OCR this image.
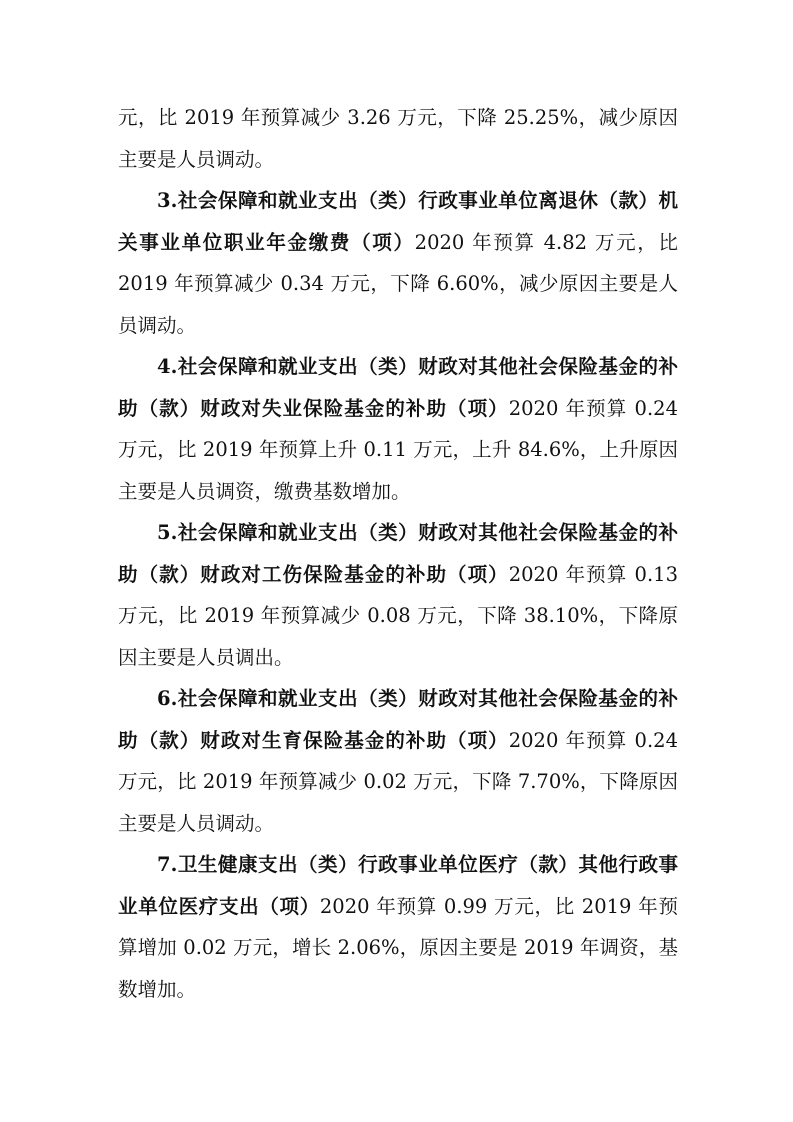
元，比 2019 年预算减少 3.26 万元，下降 25.25%，减少原因主要是人员调动。

3.社会保障和就业支出（类）行政事业单位离退休（款）机关事业单位职业年金缴费（项）2020 年预算 4.82 万元，比 2019 年预算减少 0.34 万元，下降 6.60%，减少原因主要是人员调动。

4.社会保障和就业支出（类）财政对其他社会保险基金的补助（款）财政对失业保险基金的补助（项）2020 年预算 0.24 万元，比 2019 年预算上升 0.11 万元，上升 84.6%，上升原因主要是人员调资，缴费基数增加。

5.社会保障和就业支出（类）财政对其他社会保险基金的补助（款）财政对工伤保险基金的补助（项）2020 年预算 0.13 万元，比 2019 年预算减少 0.08 万元，下降 38.10%，下降原因主要是人员调出。

6.社会保障和就业支出（类）财政对其他社会保险基金的补助（款）财政对生育保险基金的补助（项）2020 年预算 0.24 万元，比 2019 年预算减少 0.02 万元，下降 7.70%，下降原因主要是人员调动。

7.卫生健康支出（类）行政事业单位医疗（款）其他行政事业单位医疗支出（项）2020 年预算 0.99 万元，比 2019 年预算增加 0.02 万元，增长 2.06%，原因主要是 2019 年调资，基数增加。
